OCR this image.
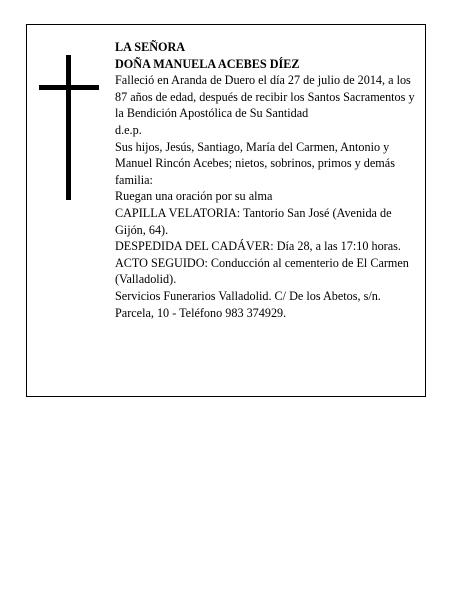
LA SEÑORA

DOÑA MANUELA ACEBES DÍEZ

Falleció en Aranda de Duero el día 27 de julio de 2014, a los 87 años de edad, después de recibir los Santos Sacramentos y la Bendición Apostólica de Su Santidad

d.e.p.

Sus hijos, Jesús, Santiago, María del Carmen, Antonio y Manuel Rincón Acebes; nietos, sobrinos, primos y demás familia:

Ruegan una oración por su alma

CAPILLA VELATORIA: Tantorio San José (Avenida de Gijón, 64).

DESPEDIDA DEL CADÁVER: Día 28, a las 17:10 horas.

ACTO SEGUIDO: Conducción al cementerio de El Carmen (Valladolid).

Servicios Funerarios Valladolid. C/ De los Abetos, s/n. Parcela, 10 - Teléfono 983 374929.
